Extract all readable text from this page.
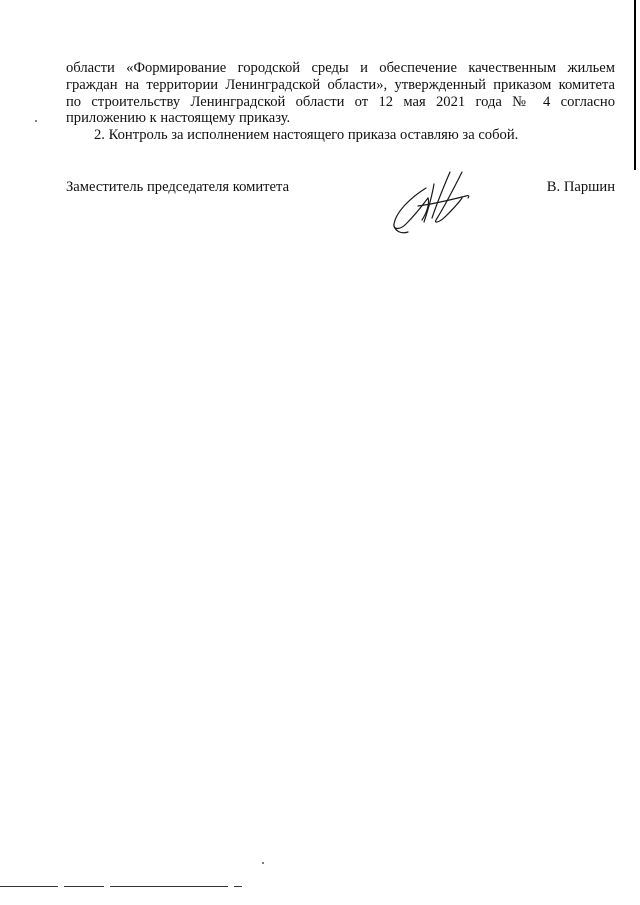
области «Формирование городской среды и обеспечение качественным жильем
граждан на территории Ленинградской области», утвержденный приказом комитета
по строительству Ленинградской области от 12 мая 2021 года № 4 согласно
приложению к настоящему приказу.

2. Контроль за исполнением настоящего приказа оставляю за собой.

Заместитель председателя комитета	В. Паршин
